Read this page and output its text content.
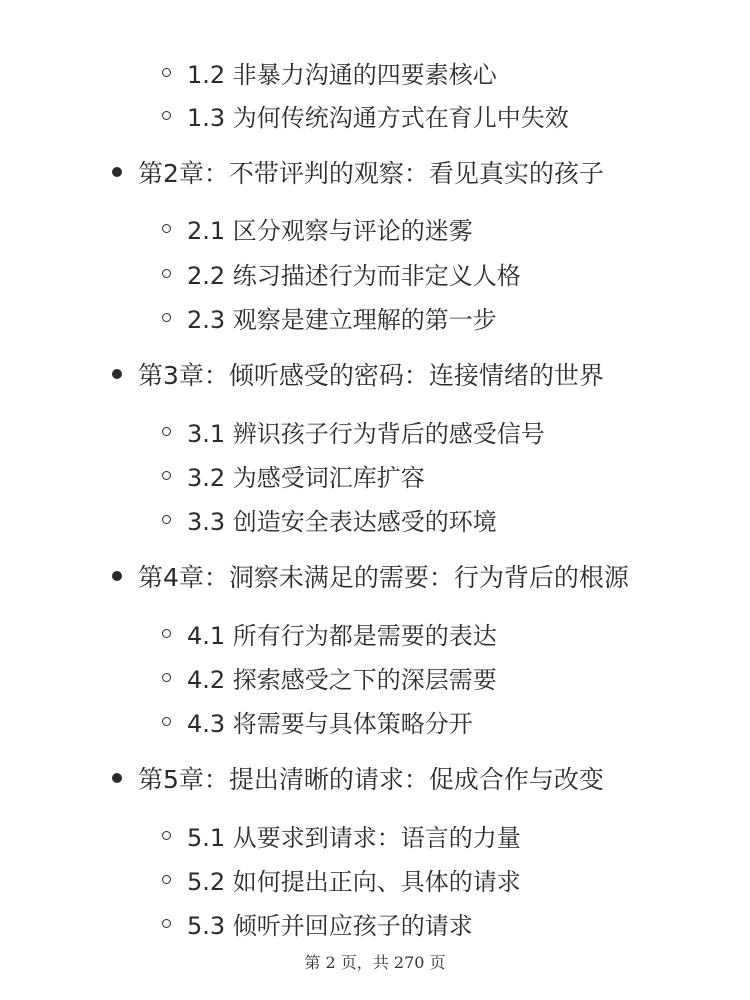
1.2 非暴力沟通的四要素核心
1.3 为何传统沟通方式在育儿中失效
第2章：不带评判的观察：看见真实的孩子
2.1 区分观察与评论的迷雾
2.2 练习描述行为而非定义人格
2.3 观察是建立理解的第一步
第3章：倾听感受的密码：连接情绪的世界
3.1 辨识孩子行为背后的感受信号
3.2 为感受词汇库扩容
3.3 创造安全表达感受的环境
第4章：洞察未满足的需要：行为背后的根源
4.1 所有行为都是需要的表达
4.2 探索感受之下的深层需要
4.3 将需要与具体策略分开
第5章：提出清晰的请求：促成合作与改变
5.1 从要求到请求：语言的力量
5.2 如何提出正向、具体的请求
5.3 倾听并回应孩子的请求
第 2 页，共 270 页
